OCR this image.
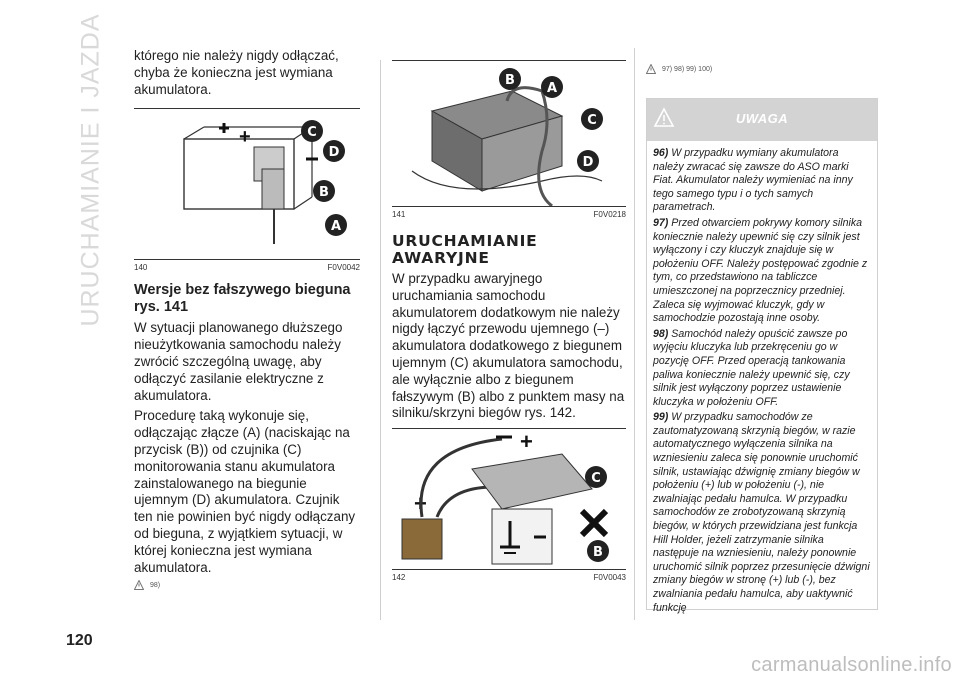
URUCHAMIANIE I JAZDA
120

którego nie należy nigdy odłączać, chyba że konieczna jest wymiana akumulatora.

+	C
D
B
A
140	F0V0042
Wersje bez fałszywego bieguna rys. 141

W sytuacji planowanego dłuższego nieużytkowania samochodu należy zwrócić szczególną uwagę, aby odłączyć zasilanie elektryczne z akumulatora.

Procedurę taką wykonuje się, odłączając złącze (A) (naciskając na przycisk (B)) od czujnika (C) monitorowania stanu akumulatora zainstalowanego na biegunie ujemnym (D) akumulatora. Czujnik ten nie powinien być nigdy odłączany od bieguna, z wyjątkiem sytuacji, w której konieczna jest wymiana akumulatora.

98)
B
A
C
D
141	F0V0218
URUCHAMIANIE AWARYJNE

W przypadku awaryjnego uruchamiania samochodu akumulatorem dodatkowym nie należy nigdy łączyć przewodu ujemnego (–) akumulatora dodatkowego z biegunem ujemnym (C) akumulatora samochodu, ale wyłącznie albo z biegunem fałszywym (B) albo z punktem masy na silniku/skrzyni biegów rys. 142.

+
+
C
B
142	F0V0043
97) 98) 99) 100)
UWAGA

96) W przypadku wymiany akumulatora należy zwracać się zawsze do ASO marki Fiat. Akumulator należy wymieniać na inny tego samego typu i o tych samych parametrach.

97) Przed otwarciem pokrywy komory silnika koniecznie należy upewnić się czy silnik jest wyłączony i czy kluczyk znajduje się w położeniu OFF. Należy postępować zgodnie z tym, co przedstawiono na tabliczce umieszczonej na poprzecznicy przedniej. Zaleca się wyjmować kluczyk, gdy w samochodzie pozostają inne osoby.

98) Samochód należy opuścić zawsze po wyjęciu kluczyka lub przekręceniu go w pozycję OFF. Przed operacją tankowania paliwa koniecznie należy upewnić się, czy silnik jest wyłączony poprzez ustawienie kluczyka w położeniu OFF.

99) W przypadku samochodów ze zautomatyzowaną skrzynią biegów, w razie automatycznego wyłączenia silnika na wzniesieniu zaleca się ponownie uruchomić silnik, ustawiając dźwignię zmiany biegów w położeniu (+) lub w położeniu (-), nie zwalniając pedału hamulca. W przypadku samochodów ze zrobotyzowaną skrzynią biegów, w których przewidziana jest funkcja Hill Holder, jeżeli zatrzymanie silnika następuje na wzniesieniu, należy ponownie uruchomić silnik poprzez przesunięcie dźwigni zmiany biegów w stronę (+) lub (-), bez zwalniania pedału hamulca, aby uaktywnić funkcję

carmanualsonline.info
